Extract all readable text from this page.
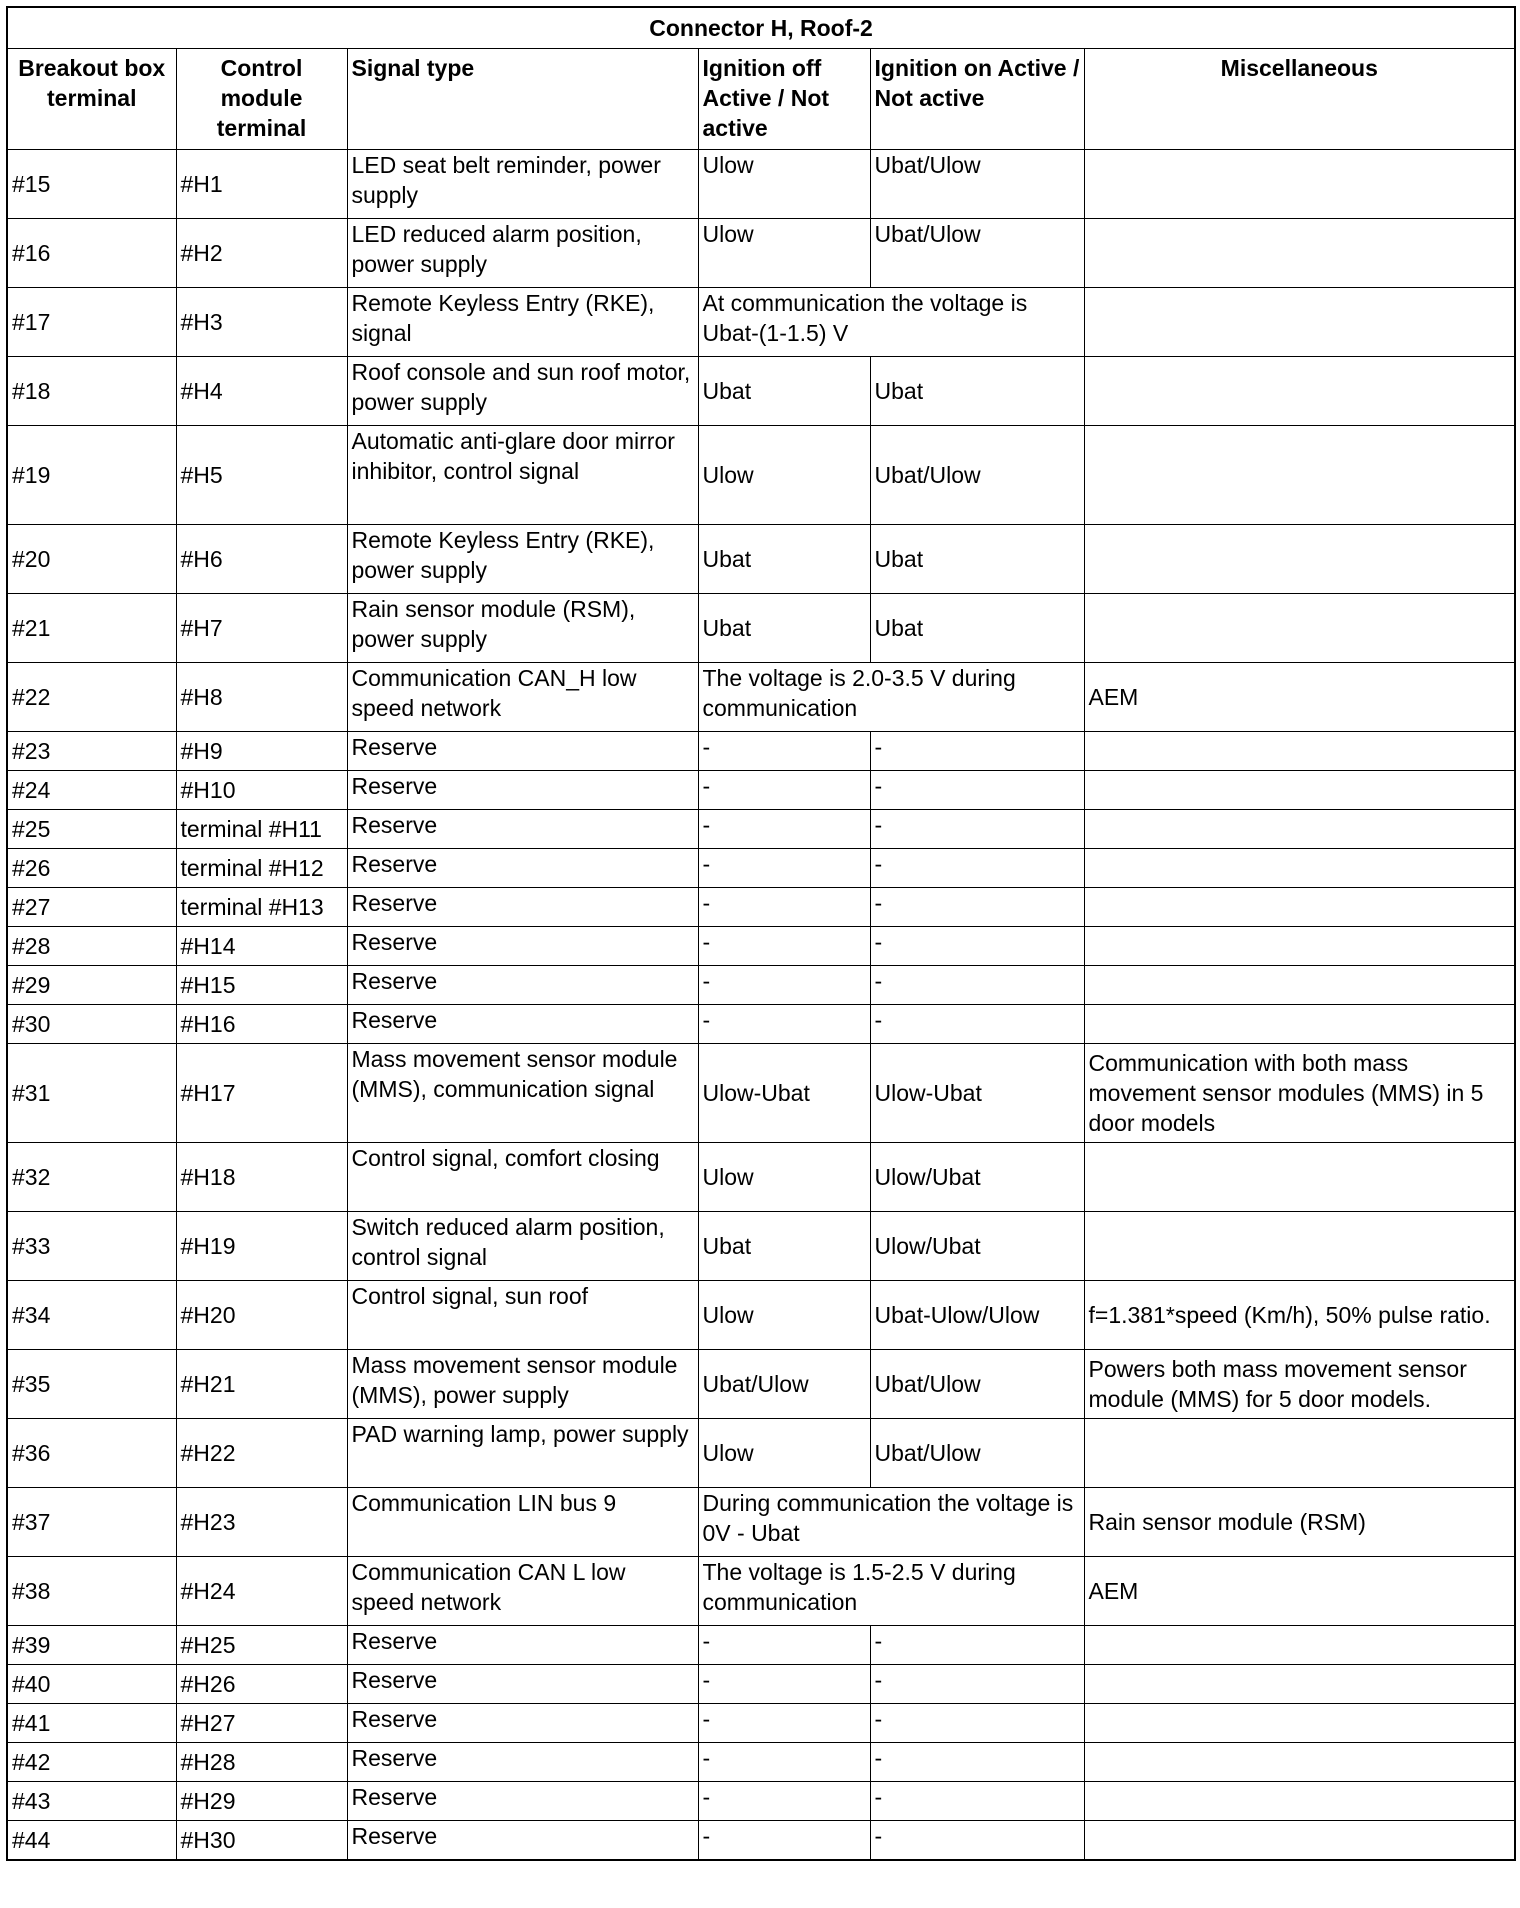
Connector H, Roof-2					
Breakout box terminal	Control module terminal	Signal type	Ignition off Active / Not active	Ignition on Active / Not active	Miscellaneous
#15	#H1	LED seat belt reminder, power supply	Ulow	Ubat/Ulow	
#16	#H2	LED reduced alarm position, power supply	Ulow	Ubat/Ulow	
#17	#H3	Remote Keyless Entry (RKE), signal	At communication the voltage is Ubat-(1-1.5) V		
#18	#H4	Roof console and sun roof motor, power supply	Ubat	Ubat	
#19	#H5	Automatic anti-glare door mirror inhibitor, control signal	Ulow	Ubat/Ulow	
#20	#H6	Remote Keyless Entry (RKE), power supply	Ubat	Ubat	
#21	#H7	Rain sensor module (RSM), power supply	Ubat	Ubat	
#22	#H8	Communication CAN_H low speed network	The voltage is 2.0-3.5 V during communication		AEM
#23	#H9	Reserve	-	-	
#24	#H10	Reserve	-	-	
#25	terminal #H11	Reserve	-	-	
#26	terminal #H12	Reserve	-	-	
#27	terminal #H13	Reserve	-	-	
#28	#H14	Reserve	-	-	
#29	#H15	Reserve	-	-	
#30	#H16	Reserve	-	-	
#31	#H17	Mass movement sensor module (MMS), communication signal	Ulow-Ubat	Ulow-Ubat	Communication with both mass movement sensor modules (MMS) in 5 door models
#32	#H18	Control signal, comfort closing	Ulow	Ulow/Ubat	
#33	#H19	Switch reduced alarm position, control signal	Ubat	Ulow/Ubat	
#34	#H20	Control signal, sun roof	Ulow	Ubat-Ulow/Ulow	f=1.381*speed (Km/h), 50% pulse ratio.
#35	#H21	Mass movement sensor module (MMS), power supply	Ubat/Ulow	Ubat/Ulow	Powers both mass movement sensor module (MMS) for 5 door models.
#36	#H22	PAD warning lamp, power supply	Ulow	Ubat/Ulow	
#37	#H23	Communication LIN bus 9	During communication the voltage is 0V - Ubat		Rain sensor module (RSM)
#38	#H24	Communication CAN L low speed network	The voltage is 1.5-2.5 V during communication		AEM
#39	#H25	Reserve	-	-	
#40	#H26	Reserve	-	-	
#41	#H27	Reserve	-	-	
#42	#H28	Reserve	-	-	
#43	#H29	Reserve	-	-	
#44	#H30	Reserve	-	-	
